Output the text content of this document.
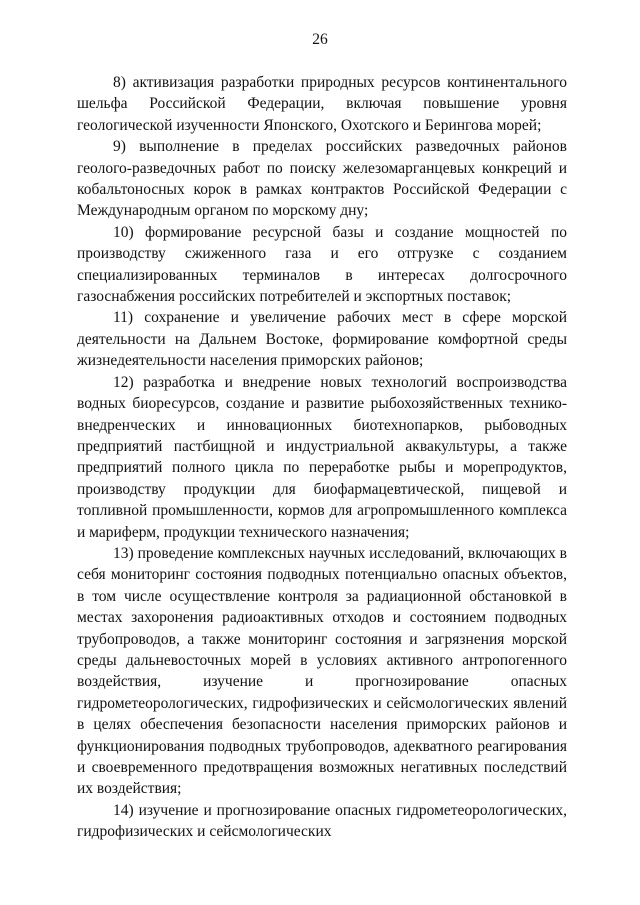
26

8) активизация разработки природных ресурсов континентального шельфа Российской Федерации, включая повышение уровня геологической изученности Японского, Охотского и Берингова морей;

9) выполнение в пределах российских разведочных районов геолого-разведочных работ по поиску железомарганцевых конкреций и кобальтоносных корок в рамках контрактов Российской Федерации с Международным органом по морскому дну;

10) формирование ресурсной базы и создание мощностей по производству сжиженного газа и его отгрузке с созданием специализированных терминалов в интересах долгосрочного газоснабжения российских потребителей и экспортных поставок;

11) сохранение и увеличение рабочих мест в сфере морской деятельности на Дальнем Востоке, формирование комфортной среды жизнедеятельности населения приморских районов;

12) разработка и внедрение новых технологий воспроизводства водных биоресурсов, создание и развитие рыбохозяйственных технико-внедренческих и инновационных биотехнопарков, рыбоводных предприятий пастбищной и индустриальной аквакультуры, а также предприятий полного цикла по переработке рыбы и морепродуктов, производству продукции для биофармацевтической, пищевой и топливной промышленности, кормов для агропромышленного комплекса и мариферм, продукции технического назначения;

13) проведение комплексных научных исследований, включающих в себя мониторинг состояния подводных потенциально опасных объектов, в том числе осуществление контроля за радиационной обстановкой в местах захоронения радиоактивных отходов и состоянием подводных трубопроводов, а также мониторинг состояния и загрязнения морской среды дальневосточных морей в условиях активного антропогенного воздействия, изучение и прогнозирование опасных гидрометеорологических, гидрофизических и сейсмологических явлений в целях обеспечения безопасности населения приморских районов и функционирования подводных трубопроводов, адекватного реагирования и своевременного предотвращения возможных негативных последствий их воздействия;

14) изучение и прогнозирование опасных гидрометеорологических, гидрофизических и сейсмологических
